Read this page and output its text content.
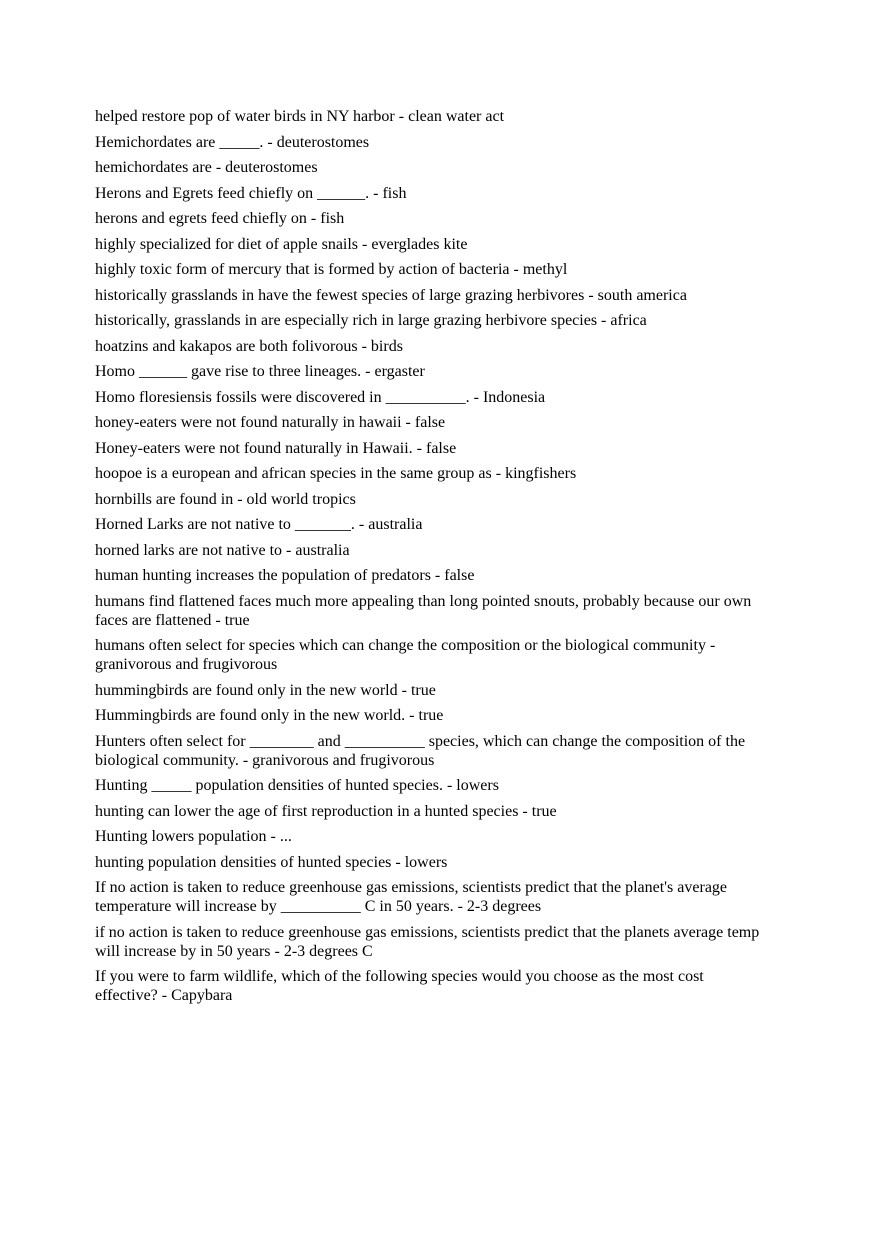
helped restore pop of water birds in NY harbor - clean water act
Hemichordates are _____. - deuterostomes
hemichordates are - deuterostomes
Herons and Egrets feed chiefly on ______. - fish
herons and egrets feed chiefly on - fish
highly specialized for diet of apple snails - everglades kite
highly toxic form of mercury that is formed by action of bacteria - methyl
historically grasslands in have the fewest species of large grazing herbivores - south america
historically, grasslands in are especially rich in large grazing herbivore species - africa
hoatzins and kakapos are both folivorous - birds
Homo ______ gave rise to three lineages. - ergaster
Homo floresiensis fossils were discovered in __________. - Indonesia
honey-eaters were not found naturally in hawaii - false
Honey-eaters were not found naturally in Hawaii. - false
hoopoe is a european and african species in the same group as - kingfishers
hornbills are found in - old world tropics
Horned Larks are not native to _______. - australia
horned larks are not native to - australia
human hunting increases the population of predators - false
humans find flattened faces much more appealing than long pointed snouts, probably because our own faces are flattened - true
humans often select for species which can change the composition or the biological community - granivorous and frugivorous
hummingbirds are found only in the new world - true
Hummingbirds are found only in the new world. - true
Hunters often select for ________ and __________ species, which can change the composition of the biological community. - granivorous and frugivorous
Hunting _____ population densities of hunted species. - lowers
hunting can lower the age of first reproduction in a hunted species - true
Hunting lowers population - ...
hunting population densities of hunted species - lowers
If no action is taken to reduce greenhouse gas emissions, scientists predict that the planet's average temperature will increase by __________ C in 50 years. - 2-3 degrees
if no action is taken to reduce greenhouse gas emissions, scientists predict that the planets average temp will increase by in 50 years - 2-3 degrees C
If you were to farm wildlife, which of the following species would you choose as the most cost effective? - Capybara
